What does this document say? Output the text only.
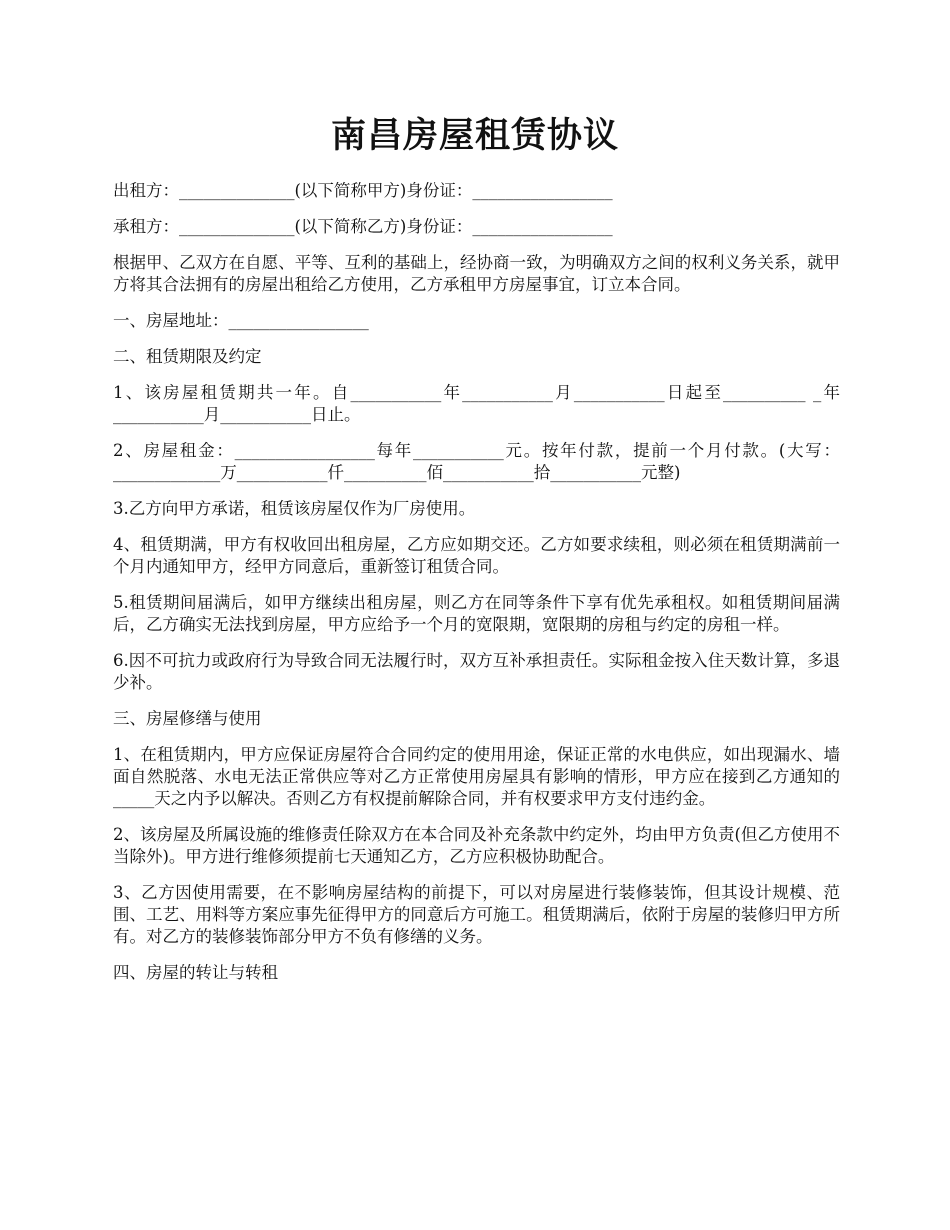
南昌房屋租赁协议

出租方：______________(以下简称甲方)身份证：_________________

承租方：______________(以下简称乙方)身份证：_________________

根据甲、乙双方在自愿、平等、互利的基础上，经协商一致，为明确双方之间的权利义务关系，就甲方将其合法拥有的房屋出租给乙方使用，乙方承租甲方房屋事宜，订立本合同。

一、房屋地址：_________________

二、租赁期限及约定

1、该房屋租赁期共一年。自___________年___________月___________日起至__________ _年___________月___________日止。

2、房屋租金：_________________每年___________元。按年付款，提前一个月付款。(大写：_____________万___________仟__________佰___________拾___________元整)

3.乙方向甲方承诺，租赁该房屋仅作为厂房使用。

4、租赁期满，甲方有权收回出租房屋，乙方应如期交还。乙方如要求续租，则必须在租赁期满前一个月内通知甲方，经甲方同意后，重新签订租赁合同。

5.租赁期间届满后，如甲方继续出租房屋，则乙方在同等条件下享有优先承租权。如租赁期间届满后，乙方确实无法找到房屋，甲方应给予一个月的宽限期，宽限期的房租与约定的房租一样。

6.因不可抗力或政府行为导致合同无法履行时，双方互补承担责任。实际租金按入住天数计算，多退少补。

三、房屋修缮与使用

1、在租赁期内，甲方应保证房屋符合合同约定的使用用途，保证正常的水电供应，如出现漏水、墙面自然脱落、水电无法正常供应等对乙方正常使用房屋具有影响的情形，甲方应在接到乙方通知的_____天之内予以解决。否则乙方有权提前解除合同，并有权要求甲方支付违约金。

2、该房屋及所属设施的维修责任除双方在本合同及补充条款中约定外，均由甲方负责(但乙方使用不当除外)。甲方进行维修须提前七天通知乙方，乙方应积极协助配合。

3、乙方因使用需要，在不影响房屋结构的前提下，可以对房屋进行装修装饰，但其设计规模、范围、工艺、用料等方案应事先征得甲方的同意后方可施工。租赁期满后，依附于房屋的装修归甲方所有。对乙方的装修装饰部分甲方不负有修缮的义务。

四、房屋的转让与转租
